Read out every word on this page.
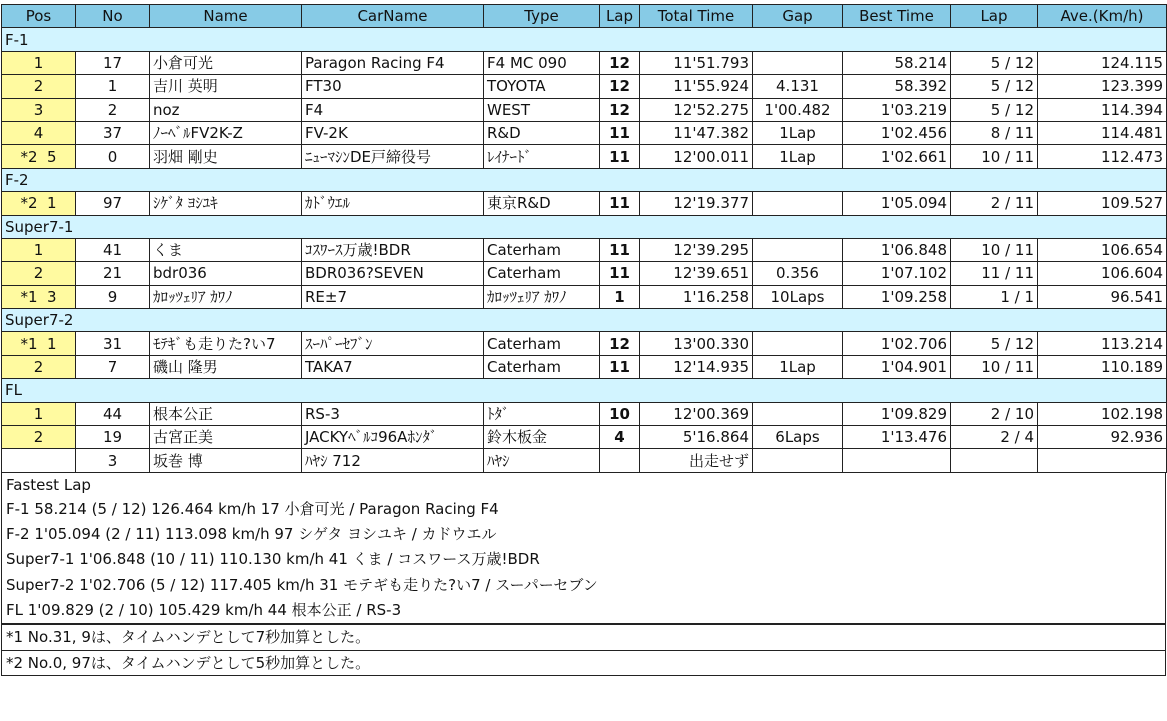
Pos	No	Name	CarName	Type	Lap	Total Time	Gap	Best Time	Lap	Ave.(Km/h)
F-1										
1	17	小倉可光	Paragon Racing F4	F4 MC 090	12	11'51.793		58.214	5 / 12	124.115
2	1	吉川 英明	FT30	TOYOTA	12	11'55.924	4.131	58.392	5 / 12	123.399
3	2	noz	F4	WEST	12	12'52.275	1'00.482	1'03.219	5 / 12	114.394
4	37	ﾉｰﾍﾞﾙFV2K-Z	FV-2K	R&D	11	11'47.382	1Lap	1'02.456	8 / 11	114.481
*2  5	0	羽畑 剛史	ﾆｭｰﾏｼﾝDE戸締役号	ﾚｲﾅｰﾄﾞ	11	12'00.011	1Lap	1'02.661	10 / 11	112.473
F-2										
*2  1	97	ｼｹﾞﾀ ﾖｼﾕｷ	ｶﾄﾞｳｴﾙ	東京R&D	11	12'19.377		1'05.094	2 / 11	109.527
Super7-1										
1	41	くま	ｺｽﾜｰｽ万歳!BDR	Caterham	11	12'39.295		1'06.848	10 / 11	106.654
2	21	bdr036	BDR036?SEVEN	Caterham	11	12'39.651	0.356	1'07.102	11 / 11	106.604
*1  3	9	ｶﾛｯﾂｪﾘｱ ｶﾜﾉ	RE±7	ｶﾛｯﾂｪﾘｱ ｶﾜﾉ	1	1'16.258	10Laps	1'09.258	1 / 1	96.541
Super7-2										
*1  1	31	ﾓﾃｷﾞも走りた?い7	ｽｰﾊﾟｰｾﾌﾞﾝ	Caterham	12	13'00.330		1'02.706	5 / 12	113.214
2	7	磯山 隆男	TAKA7	Caterham	11	12'14.935	1Lap	1'04.901	10 / 11	110.189
FL										
1	44	根本公正	RS-3	ﾄﾀﾞ	10	12'00.369		1'09.829	2 / 10	102.198
2	19	古宮正美	JACKYﾍﾞﾙｺ96Aﾎﾝﾀﾞ	鈴木板金	4	5'16.864	6Laps	1'13.476	2 / 4	92.936
	3	坂巻 博	ﾊﾔｼ 712	ﾊﾔｼ		出走せず				
Fastest Lap
F-1 58.214 (5 / 12) 126.464 km/h 17 小倉可光 / Paragon Racing F4
F-2 1'05.094 (2 / 11) 113.098 km/h 97 シゲタ ヨシユキ / カドウエル
Super7-1 1'06.848 (10 / 11) 110.130 km/h 41 くま / コスワース万歳!BDR
Super7-2 1'02.706 (5 / 12) 117.405 km/h 31 モテギも走りた?い7 / スーパーセブン
FL 1'09.829 (2 / 10) 105.429 km/h 44 根本公正 / RS-3
*1 No.31, 9は、タイムハンデとして7秒加算とした。
*2 No.0, 97は、タイムハンデとして5秒加算とした。
